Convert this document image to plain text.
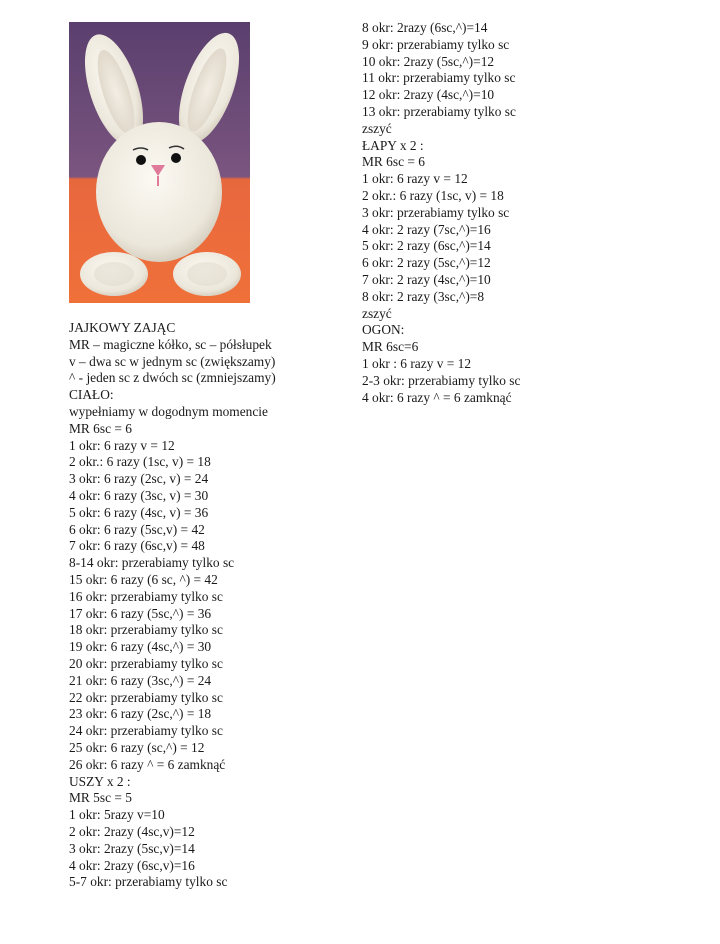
JAJKOWY ZAJĄC
MR – magiczne kółko, sc – półsłupek
v – dwa sc w jednym sc (zwiększamy)
^ - jeden sc z dwóch sc (zmniejszamy)
CIAŁO:
wypełniamy w dogodnym momencie
MR 6sc = 6
1 okr: 6 razy v = 12
2 okr.: 6 razy (1sc, v) = 18
3 okr: 6 razy (2sc, v) = 24
4 okr: 6 razy (3sc, v) = 30
5 okr: 6 razy (4sc, v) = 36
6 okr: 6 razy (5sc,v) = 42
7 okr: 6 razy (6sc,v) = 48
8-14 okr: przerabiamy tylko sc
15 okr: 6 razy (6 sc, ^) = 42
16 okr: przerabiamy tylko sc
17 okr: 6 razy (5sc,^) = 36
18 okr: przerabiamy tylko sc
19 okr: 6 razy (4sc,^) = 30
20 okr: przerabiamy tylko sc
21 okr: 6 razy (3sc,^) = 24
22 okr: przerabiamy tylko sc
23 okr: 6 razy (2sc,^) = 18
24 okr: przerabiamy tylko sc
25 okr: 6 razy (sc,^) = 12
26 okr: 6 razy ^ = 6 zamknąć
USZY x 2 :
MR 5sc = 5
1 okr: 5razy v=10
2 okr: 2razy (4sc,v)=12
3 okr: 2razy (5sc,v)=14
4 okr: 2razy (6sc,v)=16
5-7 okr: przerabiamy tylko sc
8 okr: 2razy (6sc,^)=14
9 okr: przerabiamy tylko sc
10 okr: 2razy (5sc,^)=12
11 okr: przerabiamy tylko sc
12 okr: 2razy (4sc,^)=10
13 okr: przerabiamy tylko sc
zszyć
ŁAPY x 2 :
MR 6sc = 6
1 okr: 6 razy v = 12
2 okr.: 6 razy (1sc, v) = 18
3 okr: przerabiamy tylko sc
4 okr: 2 razy (7sc,^)=16
5 okr: 2 razy (6sc,^)=14
6 okr: 2 razy (5sc,^)=12
7 okr: 2 razy (4sc,^)=10
8 okr: 2 razy (3sc,^)=8
zszyć
OGON:
MR 6sc=6
1 okr : 6 razy v = 12
2-3 okr: przerabiamy tylko sc
4 okr: 6 razy ^ = 6 zamknąć
